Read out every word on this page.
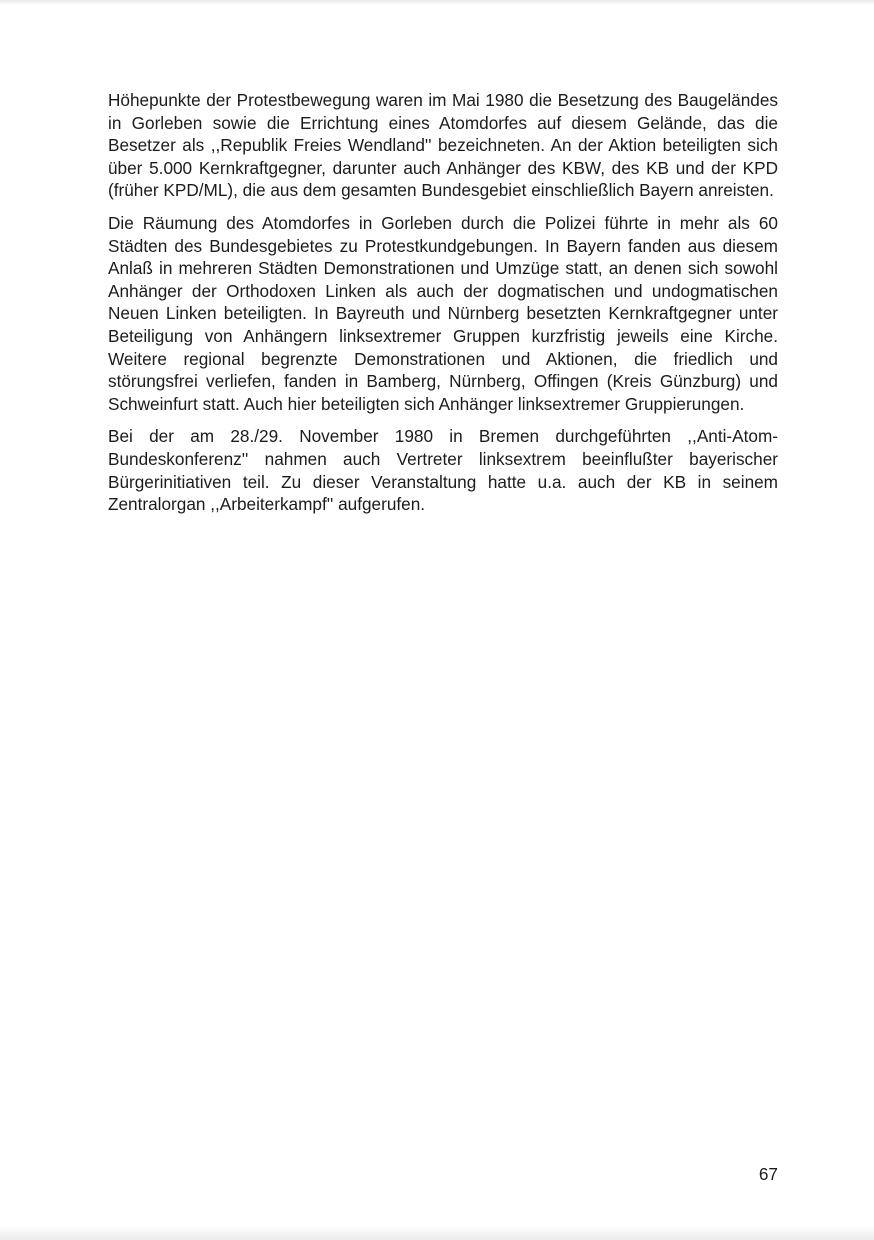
Höhepunkte der Protestbewegung waren im Mai 1980 die Besetzung des Baugeländes in Gorleben sowie die Errichtung eines Atomdorfes auf diesem Gelände, das die Besetzer als ,,Republik Freies Wendland'' bezeichneten. An der Aktion beteiligten sich über 5.000 Kernkraftgegner, darunter auch Anhänger des KBW, des KB und der KPD (früher KPD/ML), die aus dem gesamten Bundesgebiet einschließlich Bayern anreisten.

Die Räumung des Atomdorfes in Gorleben durch die Polizei führte in mehr als 60 Städten des Bundesgebietes zu Protestkundgebungen. In Bayern fanden aus diesem Anlaß in mehreren Städten Demonstrationen und Umzüge statt, an denen sich sowohl Anhänger der Orthodoxen Linken als auch der dogmatischen und undogmatischen Neuen Linken beteiligten. In Bayreuth und Nürnberg besetzten Kernkraftgegner unter Beteiligung von Anhängern linksextremer Gruppen kurzfristig jeweils eine Kirche. Weitere regional begrenzte Demonstrationen und Aktionen, die friedlich und störungsfrei verliefen, fanden in Bamberg, Nürnberg, Offingen (Kreis Günzburg) und Schweinfurt statt. Auch hier beteiligten sich Anhänger linksextremer Gruppierungen.

Bei der am 28./29. November 1980 in Bremen durchgeführten ,,Anti-Atom-Bundeskonferenz'' nahmen auch Vertreter linksextrem beeinflußter bayerischer Bürgerinitiativen teil. Zu dieser Veranstaltung hatte u.a. auch der KB in seinem Zentralorgan ,,Arbeiterkampf'' aufgerufen.

67
